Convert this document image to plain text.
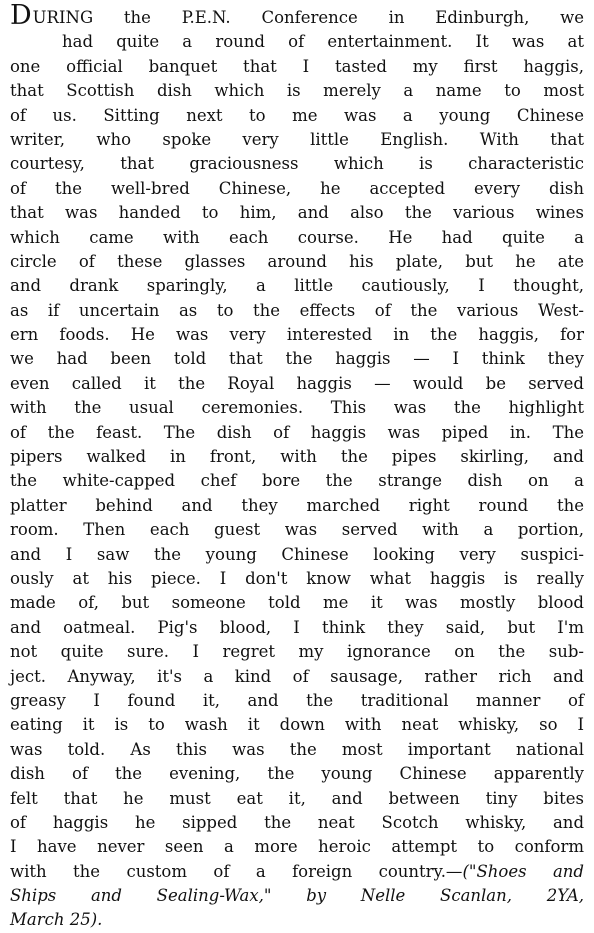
DURING the P.E.N. Conference in Edinburgh, we
had quite a round of entertainment. It was at
one official banquet that I tasted my first haggis,
that Scottish dish which is merely a name to most
of us. Sitting next to me was a young Chinese
writer, who spoke very little English. With that
courtesy, that graciousness which is characteristic
of the well-bred Chinese, he accepted every dish
that was handed to him, and also the various wines
which came with each course. He had quite a
circle of these glasses around his plate, but he ate
and drank sparingly, a little cautiously, I thought,
as if uncertain as to the effects of the various West-
ern foods. He was very interested in the haggis, for
we had been told that the haggis — I think they
even called it the Royal haggis — would be served
with the usual ceremonies. This was the highlight
of the feast. The dish of haggis was piped in. The
pipers walked in front, with the pipes skirling, and
the white-capped chef bore the strange dish on a
platter behind and they marched right round the
room. Then each guest was served with a portion,
and I saw the young Chinese looking very suspici-
ously at his piece. I don't know what haggis is really
made of, but someone told me it was mostly blood
and oatmeal. Pig's blood, I think they said, but I'm
not quite sure. I regret my ignorance on the sub-
ject. Anyway, it's a kind of sausage, rather rich and
greasy I found it, and the traditional manner of
eating it is to wash it down with neat whisky, so I
was told. As this was the most important national
dish of the evening, the young Chinese apparently
felt that he must eat it, and between tiny bites
of haggis he sipped the neat Scotch whisky, and
I have never seen a more heroic attempt to conform
with the custom of a foreign country.—("Shoes and
Ships and Sealing-Wax," by Nelle Scanlan, 2YA,
March 25).
